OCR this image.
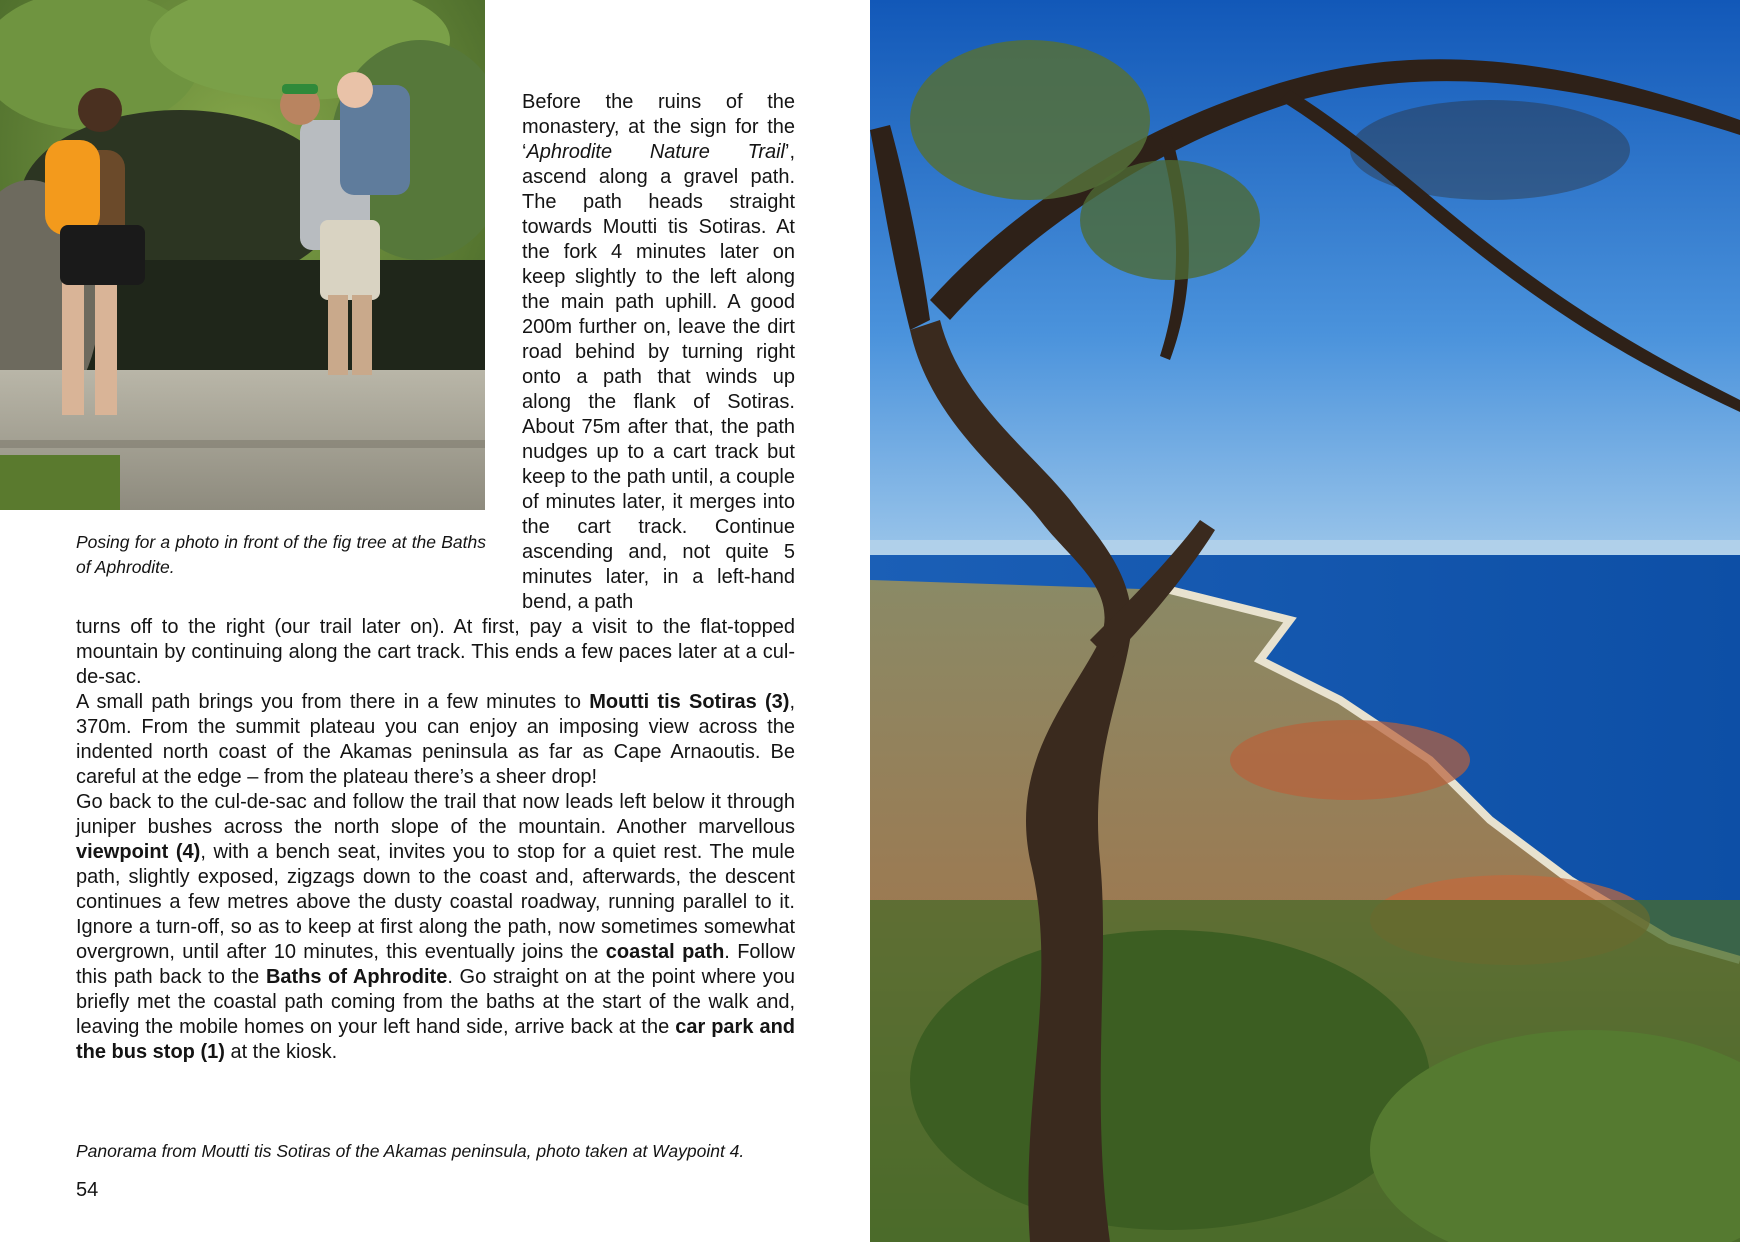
Posing for a photo in front of the fig tree at the Baths of Aphrodite.

Before the ruins of the monastery, at the sign for the ‘Aphrodite Nature Trail’, ascend along a gravel path. The path heads straight towards Moutti tis Sotiras. At the fork 4 minutes later on keep slightly to the left along the main path uphill. A good 200m further on, leave the dirt road behind by turning right onto a path that winds up along the flank of Sotiras. About 75m after that, the path nudges up to a cart track but keep to the path until, a couple of minutes later, it merges into the cart track. Continue ascending and, not quite 5 minutes later, in a left-hand bend, a path

turns off to the right (our trail later on). At first, pay a visit to the flat-topped mountain by continuing along the cart track. This ends a few paces later at a cul-de-sac.

A small path brings you from there in a few minutes to Moutti tis Sotiras (3), 370m. From the summit plateau you can enjoy an imposing view across the indented north coast of the Akamas peninsula as far as Cape Arnaoutis. Be careful at the edge – from the plateau there’s a sheer drop!

Go back to the cul-de-sac and follow the trail that now leads left below it through juniper bushes across the north slope of the mountain. Another marvellous viewpoint (4), with a bench seat, invites you to stop for a quiet rest. The mule path, slightly exposed, zigzags down to the coast and, afterwards, the descent continues a few metres above the dusty coastal roadway, running parallel to it. Ignore a turn-off, so as to keep at first along the path, now sometimes somewhat overgrown, until after 10 minutes, this eventually joins the coastal path. Follow this path back to the Baths of Aphrodite. Go straight on at the point where you briefly met the coastal path coming from the baths at the start of the walk and, leaving the mobile homes on your left hand side, arrive back at the car park and the bus stop (1) at the kiosk.

Panorama from Moutti tis Sotiras of the Akamas peninsula, photo taken at Waypoint 4.

54
